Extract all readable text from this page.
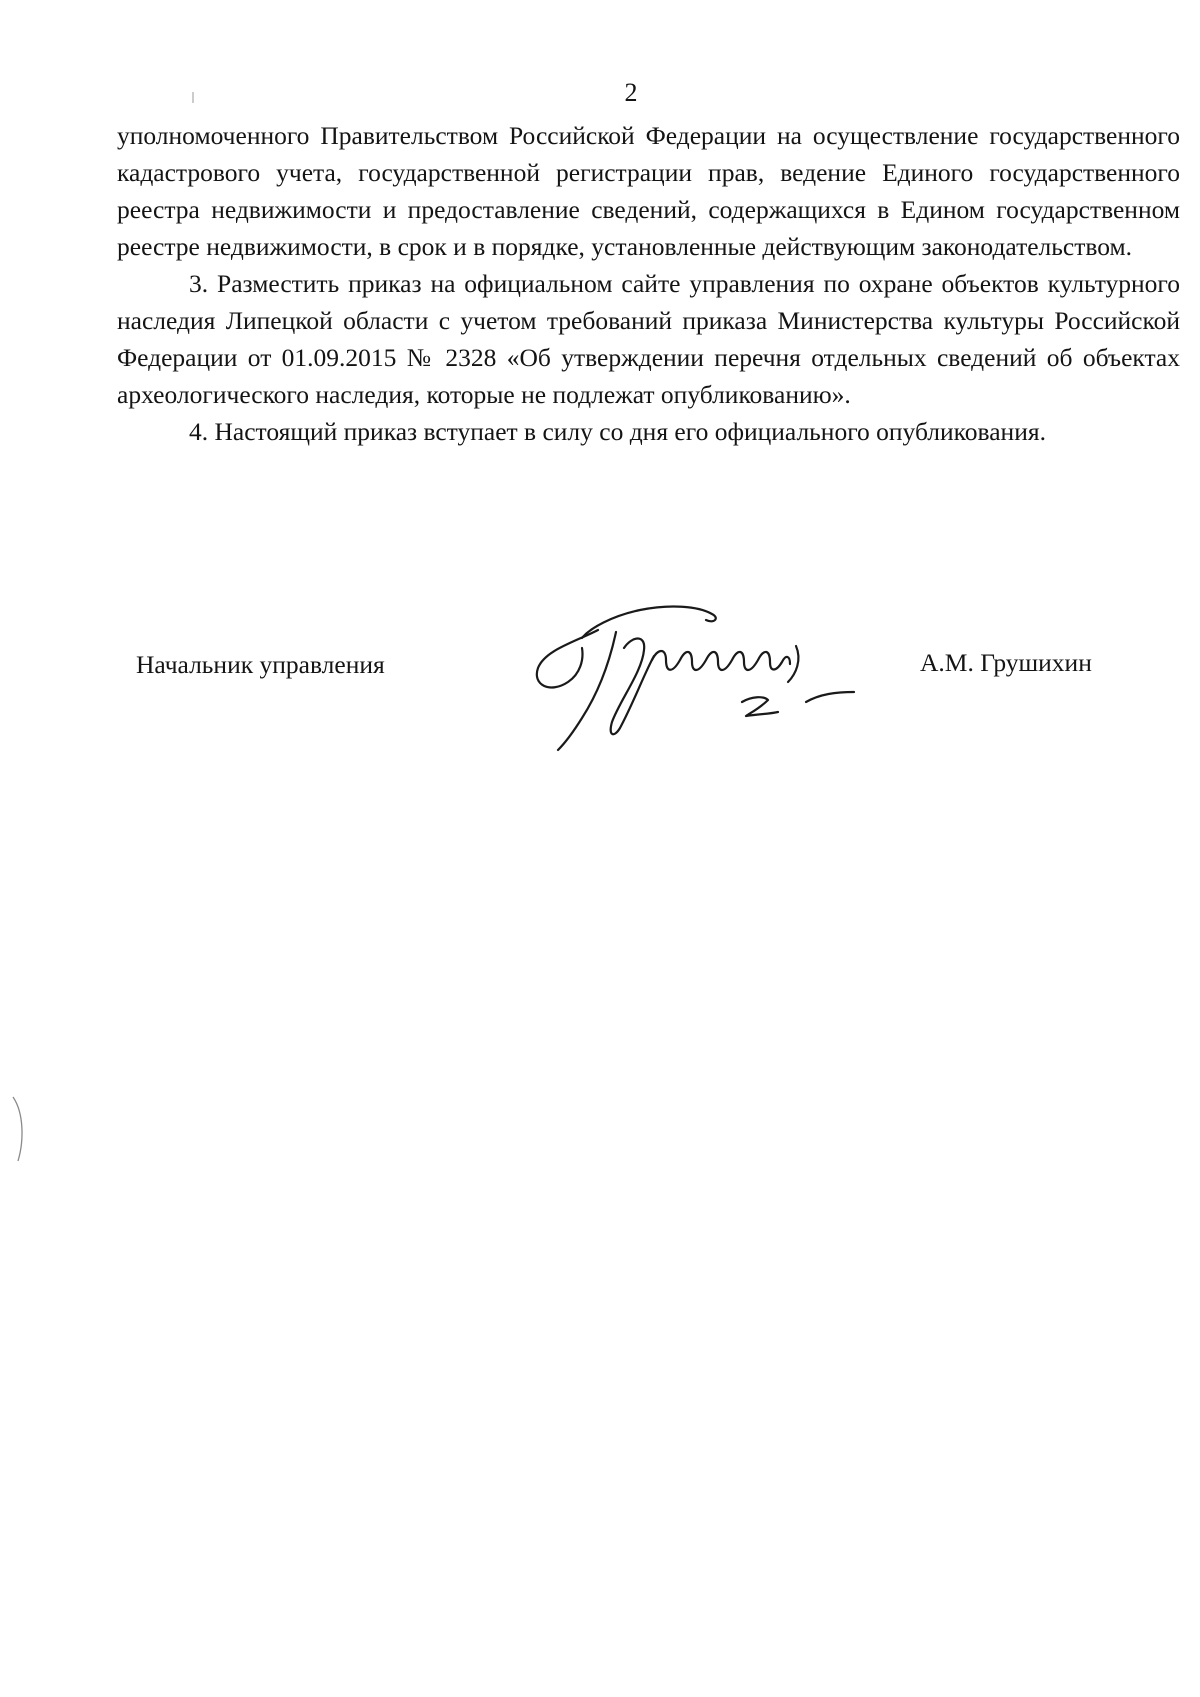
2

уполномоченного Правительством Российской Федерации на осуществление государственного кадастрового учета, государственной регистрации прав, ведение Единого государственного реестра недвижимости и предоставление сведений, содержащихся в Едином государственном реестре недвижимости, в срок и в порядке, установленные действующим законодательством.

3. Разместить приказ на официальном сайте управления по охране объектов культурного наследия Липецкой области с учетом требований приказа Министерства культуры Российской Федерации от 01.09.2015 № 2328 «Об утверждении перечня отдельных сведений об объектах археологического наследия, которые не подлежат опубликованию».

4. Настоящий приказ вступает в силу со дня его официального опубликования.

Начальник управления	А.М. Грушихин
